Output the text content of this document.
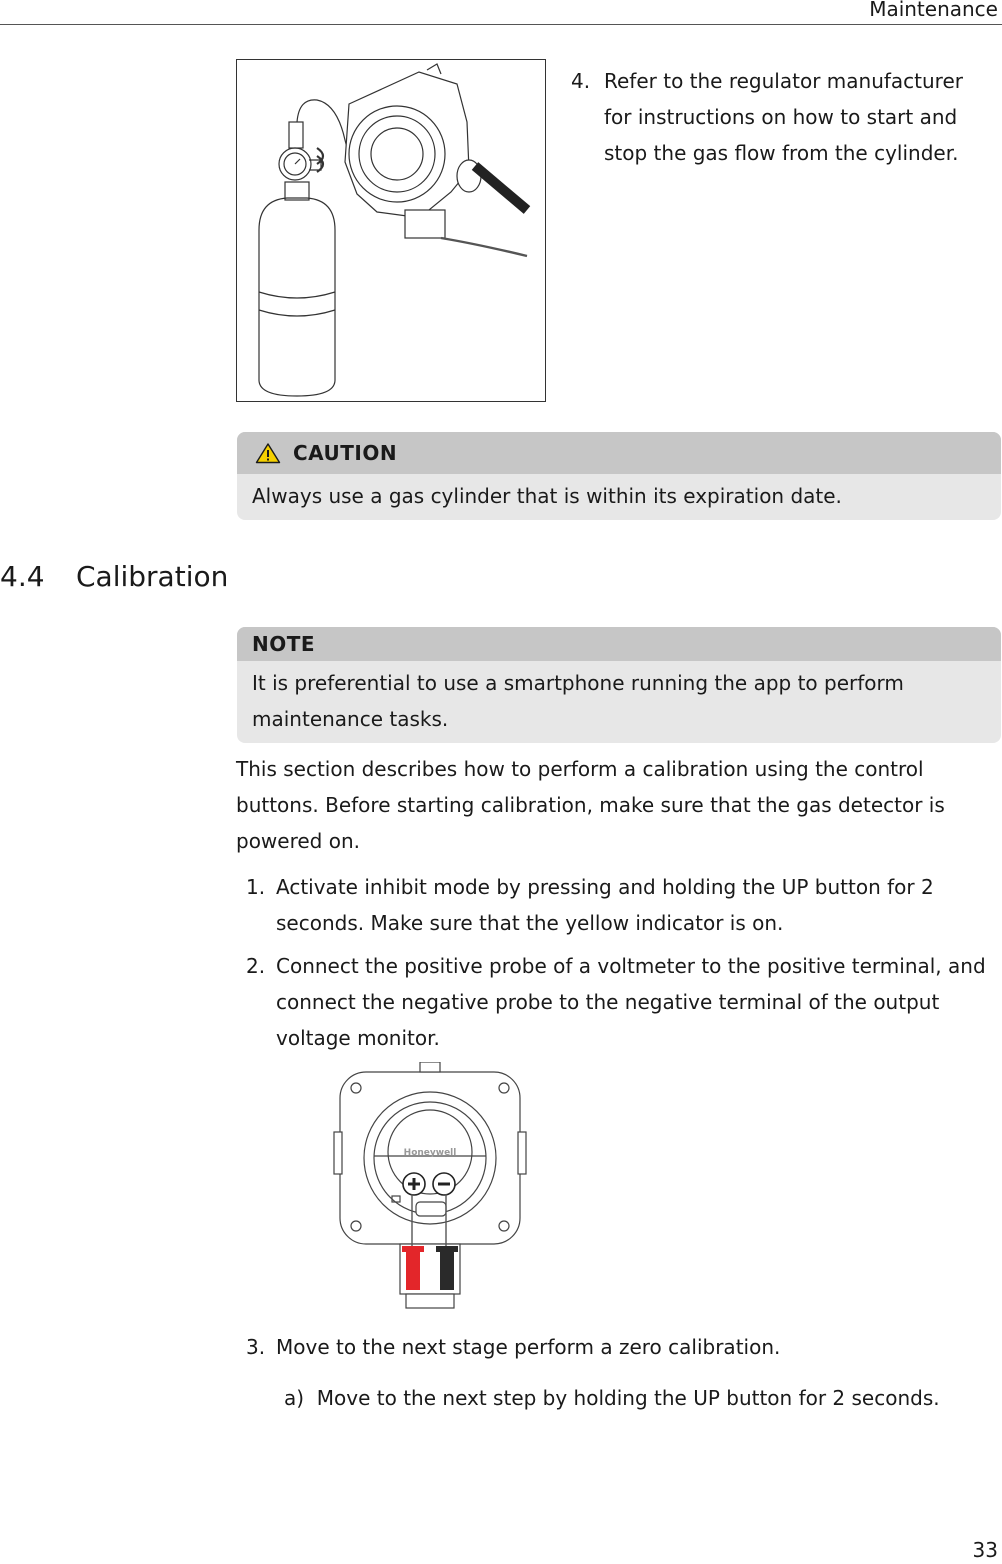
Maintenance
4. Refer to the regulator manufacturer for instructions on how to start and stop the gas flow from the cylinder.
CAUTION
Always use a gas cylinder that is within its expiration date.
4.4 Calibration
NOTE
It is preferential to use a smartphone running the app to perform maintenance tasks.
This section describes how to perform a calibration using the control buttons. Before starting calibration, make sure that the gas detector is powered on.
1. Activate inhibit mode by pressing and holding the UP button for 2 seconds. Make sure that the yellow indicator is on.
2. Connect the positive probe of a voltmeter to the positive terminal, and connect the negative probe to the negative terminal of the output voltage monitor.
Honeywell
3. Move to the next stage perform a zero calibration.
a) Move to the next step by holding the UP button for 2 seconds.
33
